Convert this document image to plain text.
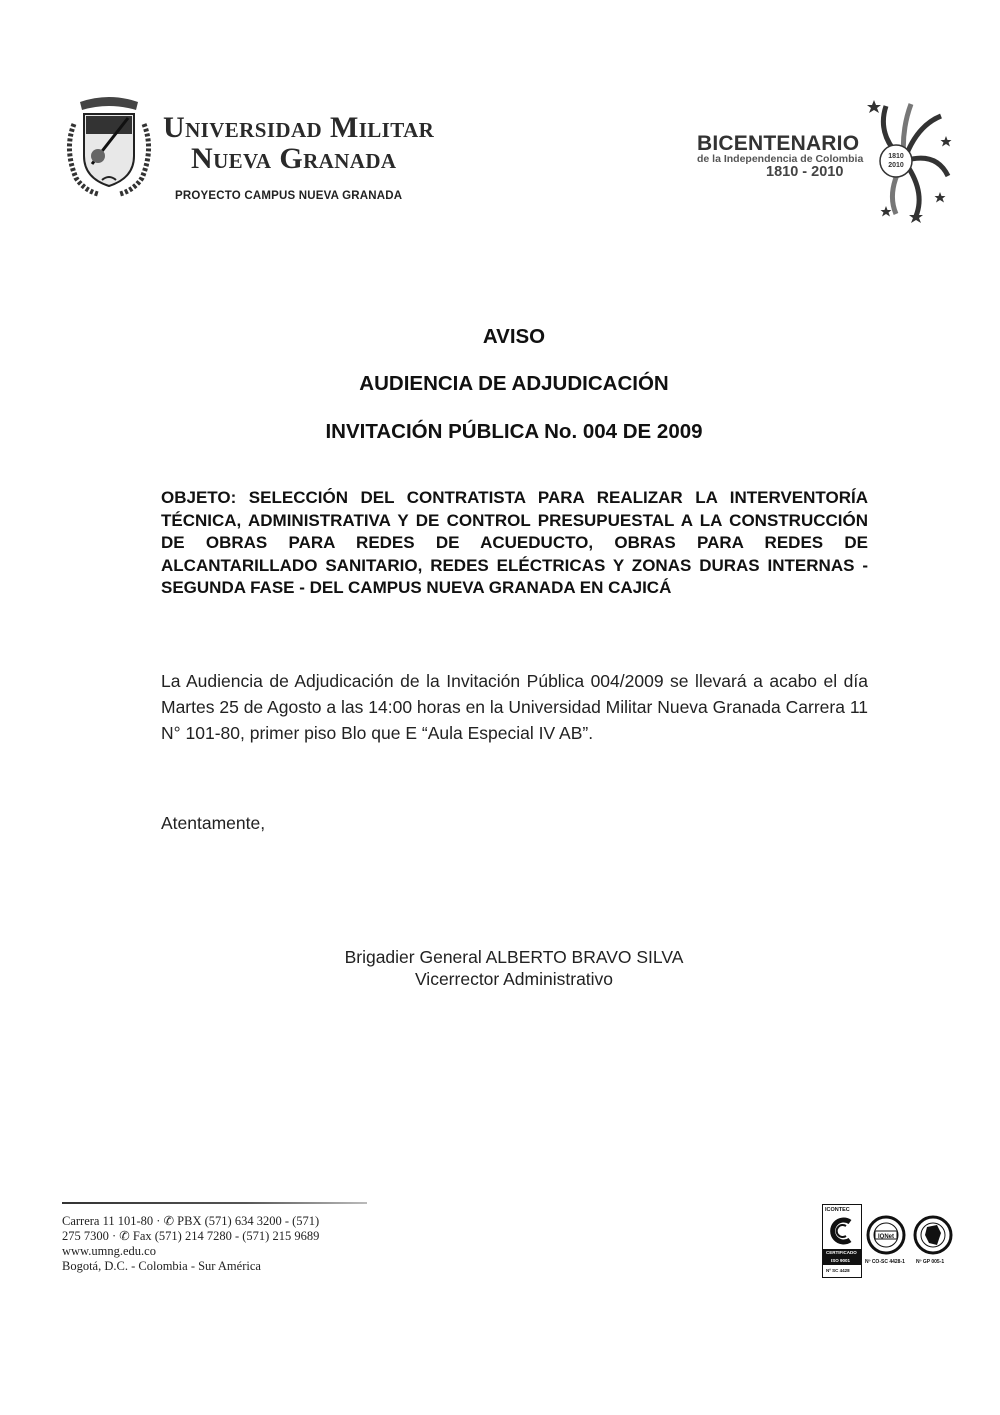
Universidad Militar
Nueva Granada
PROYECTO CAMPUS NUEVA GRANADA
BICENTENARIO
de la Independencia de Colombia
1810 - 2010
1810
2010
AVISO
AUDIENCIA DE ADJUDICACIÓN
INVITACIÓN PÚBLICA No. 004 DE 2009

OBJETO: SELECCIÓN DEL CONTRATISTA PARA REALIZAR LA INTERVENTORÍA TÉCNICA, ADMINISTRATIVA Y DE CONTROL PRESUPUESTAL A LA CONSTRUCCIÓN DE OBRAS PARA REDES DE ACUEDUCTO, OBRAS PARA REDES DE ALCANTARILLADO SANITARIO, REDES ELÉCTRICAS Y ZONAS DURAS INTERNAS - SEGUNDA FASE - DEL CAMPUS NUEVA GRANADA EN CAJICÁ

La Audiencia de Adjudicación de la Invitación Pública 004/2009 se llevará a acabo el día Martes 25 de Agosto a las 14:00 horas en la Universidad Militar Nueva Granada Carrera 11 N° 101-80, primer piso Blo que E “Aula Especial IV AB”.

Atentamente,

Brigadier General ALBERTO BRAVO SILVA
Vicerrector Administrativo
Carrera 11 101-80 · ✆ PBX (571) 634 3200 - (571)
275 7300 · ✆ Fax (571) 214 7280 - (571) 215 9689
www.umng.edu.co
Bogotá, D.C. - Colombia - Sur América
ICONTEC
CERTIFICADO
ISO 9001
Nº SC 4428
IQNet
Nº CO-SC 4428-1 Nº GP 005-1
